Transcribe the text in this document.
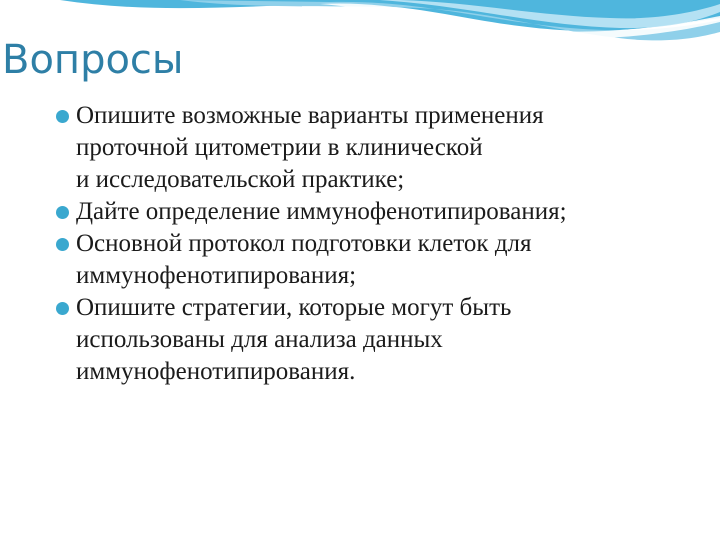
Вопросы
Опишите возможные варианты применения
проточной цитометрии в клинической
и исследовательской практике;
Дайте определение иммунофенотипирования;
Основной протокол подготовки клеток для
иммунофенотипирования;
Опишите стратегии, которые могут быть
использованы для анализа данных
иммунофенотипирования.
